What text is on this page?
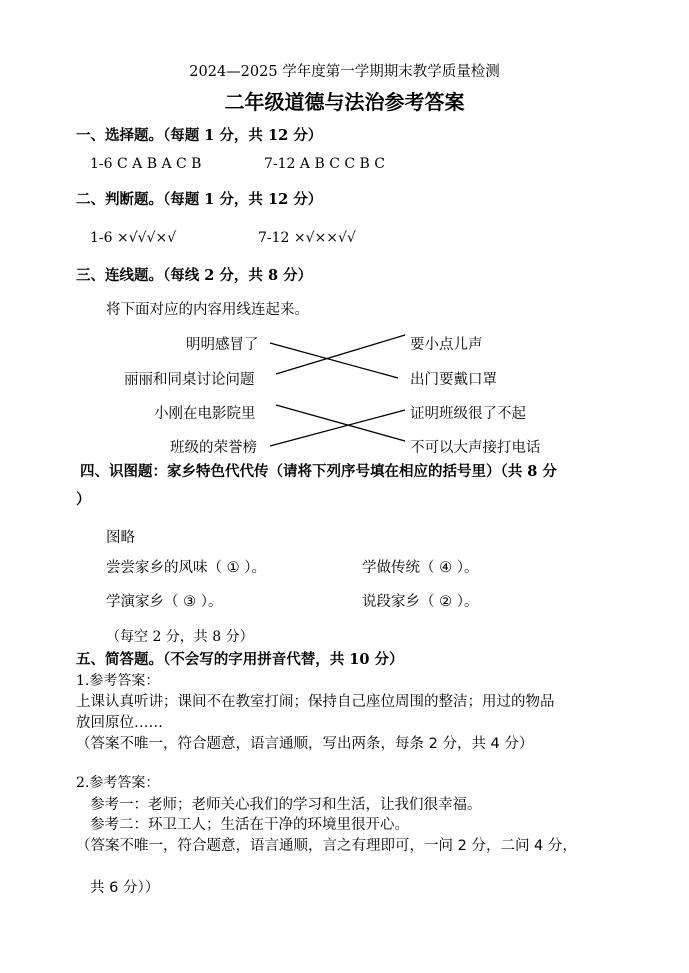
2024—2025 学年度第一学期期末教学质量检测
二年级道德与法治参考答案
一、选择题。（每题 1 分，共 12 分）
1-6 C A B A C B	7-12 A B C C B C
二、判断题。（每题 1 分，共 12 分）
1-6 ×√√√×√	7-12 ×√××√√
三、连线题。（每线 2 分，共 8 分）
将下面对应的内容用线连起来。
明明感冒了
丽丽和同桌讨论问题
小刚在电影院里
班级的荣誉榜
要小点儿声
出门要戴口罩
证明班级很了不起
不可以大声接打电话
四、识图题：家乡特色代代传（请将下列序号填在相应的括号里）（共 8 分
）
图略
尝尝家乡的风味（ ① ）。	学做传统（ ④ ）。
学演家乡（ ③ ）。	说段家乡（ ② ）。
（每空 2 分，共 8 分）
五、简答题。（不会写的字用拼音代替，共 10 分）
1.参考答案：
上课认真听讲；课间不在教室打闹；保持自己座位周围的整洁；用过的物品
放回原位……
（答案不唯一，符合题意，语言通顺，写出两条，每条 2 分，共 4 分）
2.参考答案：
参考一：老师；老师关心我们的学习和生活，让我们很幸福。
参考二：环卫工人；生活在干净的环境里很开心。
（答案不唯一，符合题意，语言通顺，言之有理即可，一问 2 分，二问 4 分，
共 6 分））
